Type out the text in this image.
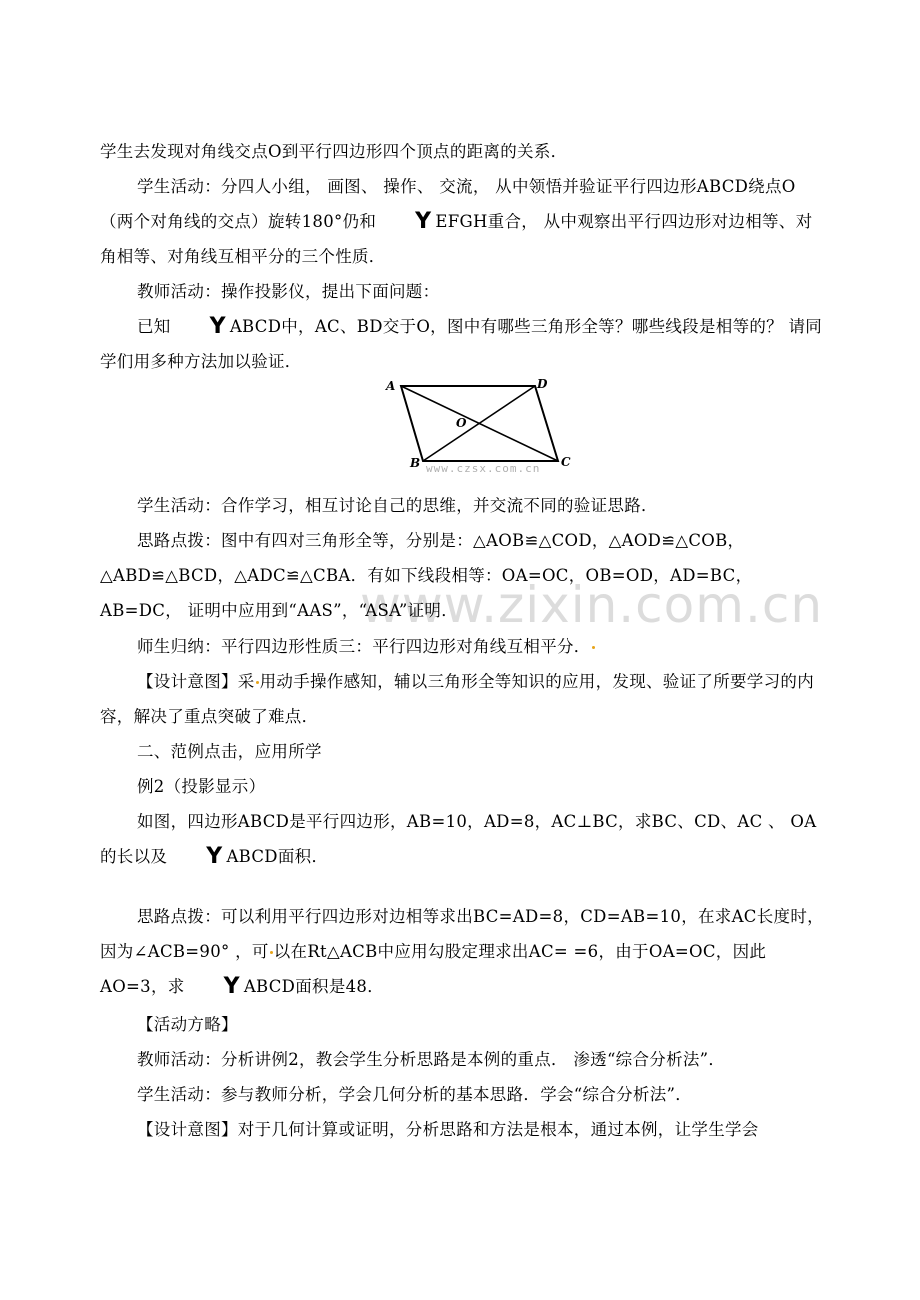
www.zixin.com.cn
学生去发现对角线交点O到平行四边形四个顶点的距离的关系．
学生活动：分四人小组， 画图、 操作、 交流， 从中领悟并验证平行四边形ABCD绕点O（两个对角线的交点）旋转180°仍和 Y EFGH重合， 从中观察出平行四边形对边相等、对角相等、对角线互相平分的三个性质．
教师活动：操作投影仪，提出下面问题：
已知 Y ABCD中，AC、BD交于O，图中有哪些三角形全等？哪些线段是相等的？ 请同学们用多种方法加以验证．
A	D
O
B	C
www.czsx.com.cn
学生活动：合作学习，相互讨论自己的思维，并交流不同的验证思路．
思路点拨：图中有四对三角形全等，分别是：△AOB≌△COD，△AOD≌△COB， △ABD≌△BCD，△ADC≌△CBA．有如下线段相等：OA=OC，OB=OD，AD=BC，AB=DC， 证明中应用到“AAS”，“ASA”证明．
师生归纳：平行四边形性质三：平行四边形对角线互相平分．
【设计意图】采 用动手操作感知，辅以三角形全等知识的应用，发现、验证了所要学习的内容，解决了重点突破了难点．
二、范例点击，应用所学
例2（投影显示）
如图，四边形ABCD是平行四边形，AB=10，AD=8，AC⊥BC，求BC、CD、AC 、 OA的长以及 Y ABCD面积．
思路点拨：可以利用平行四边形对边相等求出BC=AD=8，CD=AB=10，在求AC长度时，因为∠ACB=90° ，可 以在Rt△ACB中应用勾股定理求出AC= =6，由于OA=OC，因此AO=3，求 Y ABCD面积是48．
【活动方略】
教师活动：分析讲例2，教会学生分析思路是本例的重点． 渗透“综合分析法”．
学生活动：参与教师分析，学会几何分析的基本思路．学会“综合分析法”．
【设计意图】对于几何计算或证明，分析思路和方法是根本，通过本例，让学生学会
